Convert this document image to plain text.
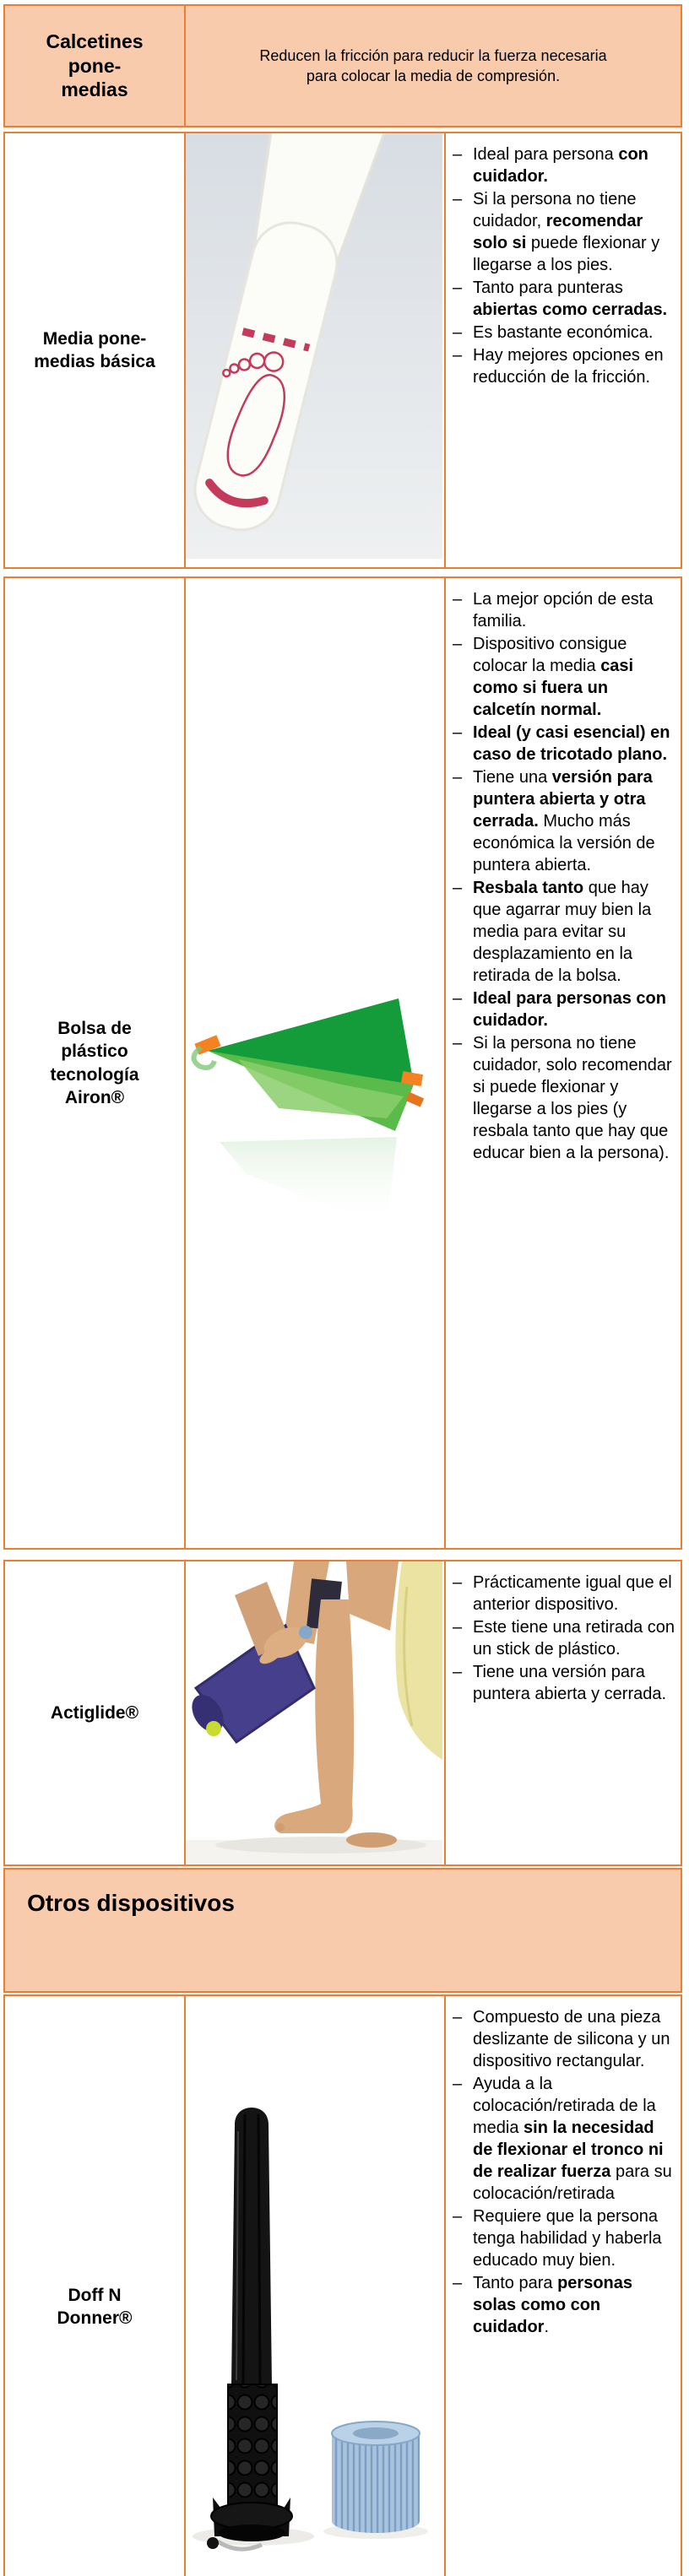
Calcetines pone-medias
Reducen la fricción para reducir la fuerza necesaria para colocar la media de compresión.
Media pone-medias básica
– Ideal para persona con cuidador.
– Si la persona no tiene cuidador, recomendar solo si puede flexionar y llegarse a los pies.
– Tanto para punteras abiertas como cerradas.
– Es bastante económica.
– Hay mejores opciones en reducción de la fricción.
Bolsa de plástico tecnología Airon®
– La mejor opción de esta familia.
– Dispositivo consigue colocar la media casi como si fuera un calcetín normal.
– Ideal (y casi esencial) en caso de tricotado plano.
– Tiene una versión para puntera abierta y otra cerrada. Mucho más económica la versión de puntera abierta.
– Resbala tanto que hay que agarrar muy bien la media para evitar su desplazamiento en la retirada de la bolsa.
– Ideal para personas con cuidador.
– Si la persona no tiene cuidador, solo recomendar si puede flexionar y llegarse a los pies (y resbala tanto que hay que educar bien a la persona).
Actiglide®
– Prácticamente igual que el anterior dispositivo.
– Este tiene una retirada con un stick de plástico.
– Tiene una versión para puntera abierta y cerrada.
Otros dispositivos
Doff N Donner®
– Compuesto de una pieza deslizante de silicona y un dispositivo rectangular.
– Ayuda a la colocación/retirada de la media sin la necesidad de flexionar el tronco ni de realizar fuerza para su colocación/retirada
– Requiere que la persona tenga habilidad y haberla educado muy bien.
– Tanto para personas solas como con cuidador.
